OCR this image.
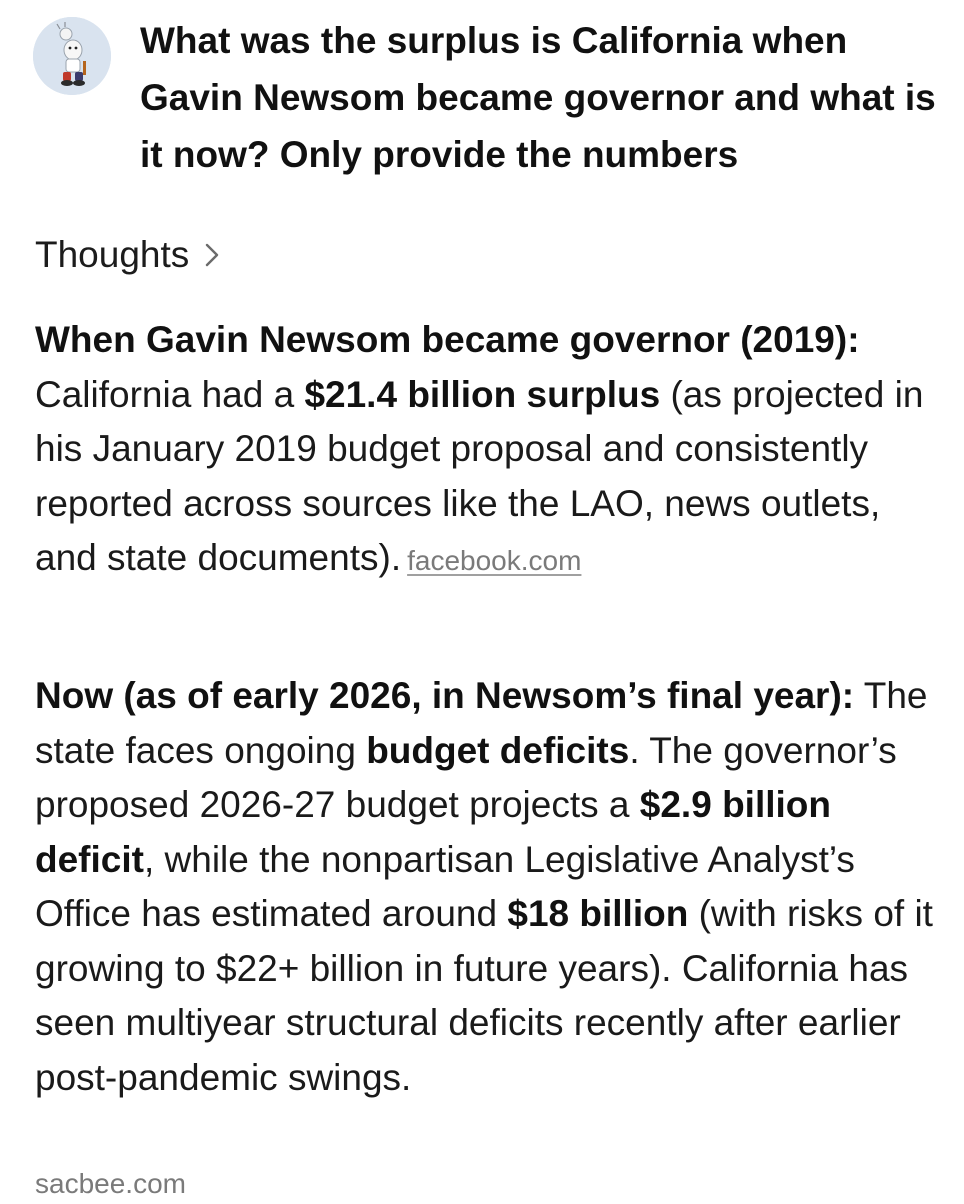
What was the surplus is California when Gavin Newsom became governor and what is it now? Only provide the numbers

Thoughts

When Gavin Newsom became governor (2019): California had a $21.4 billion surplus (as projected in his January 2019 budget proposal and consistently reported across sources like the LAO, news outlets, and state documents). facebook.com

Now (as of early 2026, in Newsom’s final year): The state faces ongoing budget deficits. The governor’s proposed 2026-27 budget projects a $2.9 billion deficit, while the nonpartisan Legislative Analyst’s Office has estimated around $18 billion (with risks of it growing to $22+ billion in future years). California has seen multiyear structural deficits recently after earlier post-pandemic swings.

sacbee.com
